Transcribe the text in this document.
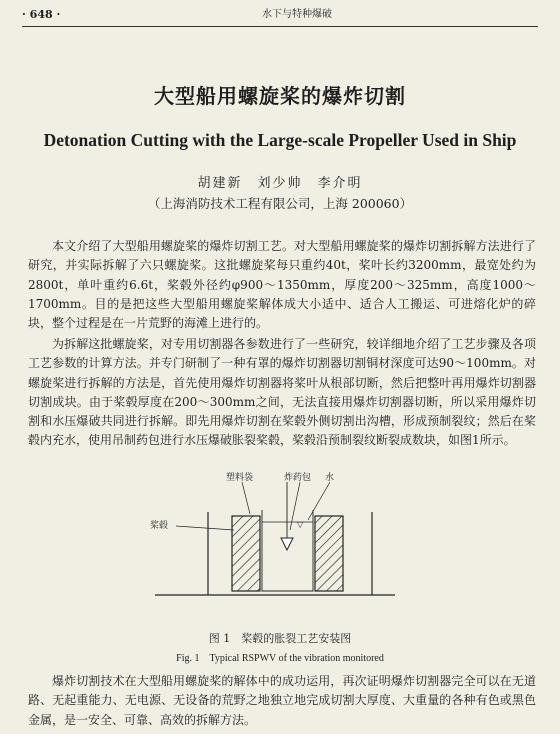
· 648 ·	水下与特种爆破
大型船用螺旋桨的爆炸切割
Detonation Cutting with the Large-scale Propeller Used in Ship
胡建新　刘少帅　李介明
（上海消防技术工程有限公司，上海 200060）

本文介绍了大型船用螺旋桨的爆炸切割工艺。对大型船用螺旋桨的爆炸切割拆解方法进行了研究，并实际拆解了六只螺旋桨。这批螺旋桨每只重约40t，桨叶长约3200mm，最宽处约为2800t，单叶重约6.6t，桨毂外径约φ900～1350mm，厚度200～325mm，高度1000～1700mm。目的是把这些大型船用螺旋桨解体成大小适中、适合人工搬运、可进熔化炉的碎块，整个过程是在一片荒野的海滩上进行的。

为拆解这批螺旋桨，对专用切割器各参数进行了一些研究，较详细地介绍了工艺步骤及各项工艺参数的计算方法。并专门研制了一种有罩的爆炸切割器切割铜材深度可达90～100mm。对螺旋桨进行拆解的方法是，首先使用爆炸切割器将桨叶从根部切断，然后把整叶再用爆炸切割器切割成块。由于桨毂厚度在200～300mm之间，无法直接用爆炸切割器切断，所以采用爆炸切割和水压爆破共同进行拆解。即先用爆炸切割在桨毂外侧切割出沟槽，形成预制裂纹；然后在桨毂内充水，使用吊制药包进行水压爆破胀裂桨毂，桨毂沿预制裂纹断裂成数块，如图1所示。

▽
塑料袋	炸药包 水
桨毂
图 1　桨毂的胀裂工艺安装图
Fig. 1　Typical RSPWV of the vibration monitored

爆炸切割技术在大型船用螺旋桨的解体中的成功运用，再次证明爆炸切割器完全可以在无道路、无起重能力、无电源、无设备的荒野之地独立地完成切割大厚度、大重量的各种有色或黑色金属，是一安全、可靠、高效的拆解方法。
